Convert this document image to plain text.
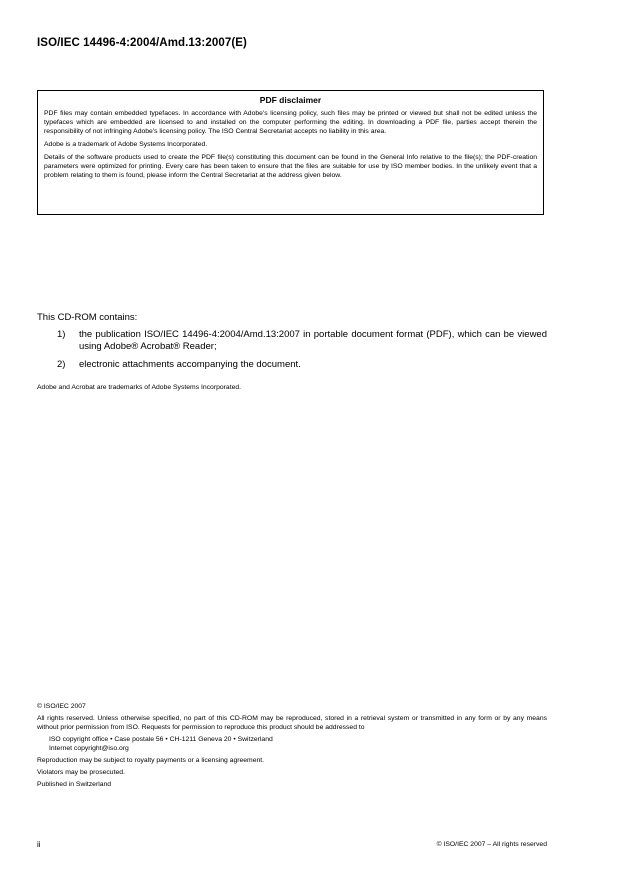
ISO/IEC 14496-4:2004/Amd.13:2007(E)
PDF disclaimer

PDF files may contain embedded typefaces. In accordance with Adobe's licensing policy, such files may be printed or viewed but shall not be edited unless the typefaces which are embedded are licensed to and installed on the computer performing the editing. In downloading a PDF file, parties accept therein the responsibility of not infringing Adobe's licensing policy. The ISO Central Secretariat accepts no liability in this area.

Adobe is a trademark of Adobe Systems Incorporated.

Details of the software products used to create the PDF file(s) constituting this document can be found in the General Info relative to the file(s); the PDF-creation parameters were optimized for printing. Every care has been taken to ensure that the files are suitable for use by ISO member bodies. In the unlikely event that a problem relating to them is found, please inform the Central Secretariat at the address given below.

This CD-ROM contains:
1)	the publication ISO/IEC 14496-4:2004/Amd.13:2007 in portable document format (PDF), which can be viewed using Adobe® Acrobat® Reader;
2)	electronic attachments accompanying the document.
Adobe and Acrobat are trademarks of Adobe Systems Incorporated.

© ISO/IEC 2007

All rights reserved. Unless otherwise specified, no part of this CD-ROM may be reproduced, stored in a retrieval system or transmitted in any form or by any means without prior permission from ISO. Requests for permission to reproduce this product should be addressed to

ISO copyright office • Case postale 56 • CH-1211 Geneva 20 • Switzerland
Internet copyright@iso.org

Reproduction may be subject to royalty payments or a licensing agreement.

Violators may be prosecuted.

Published in Switzerland

ii	© ISO/IEC 2007 – All rights reserved
